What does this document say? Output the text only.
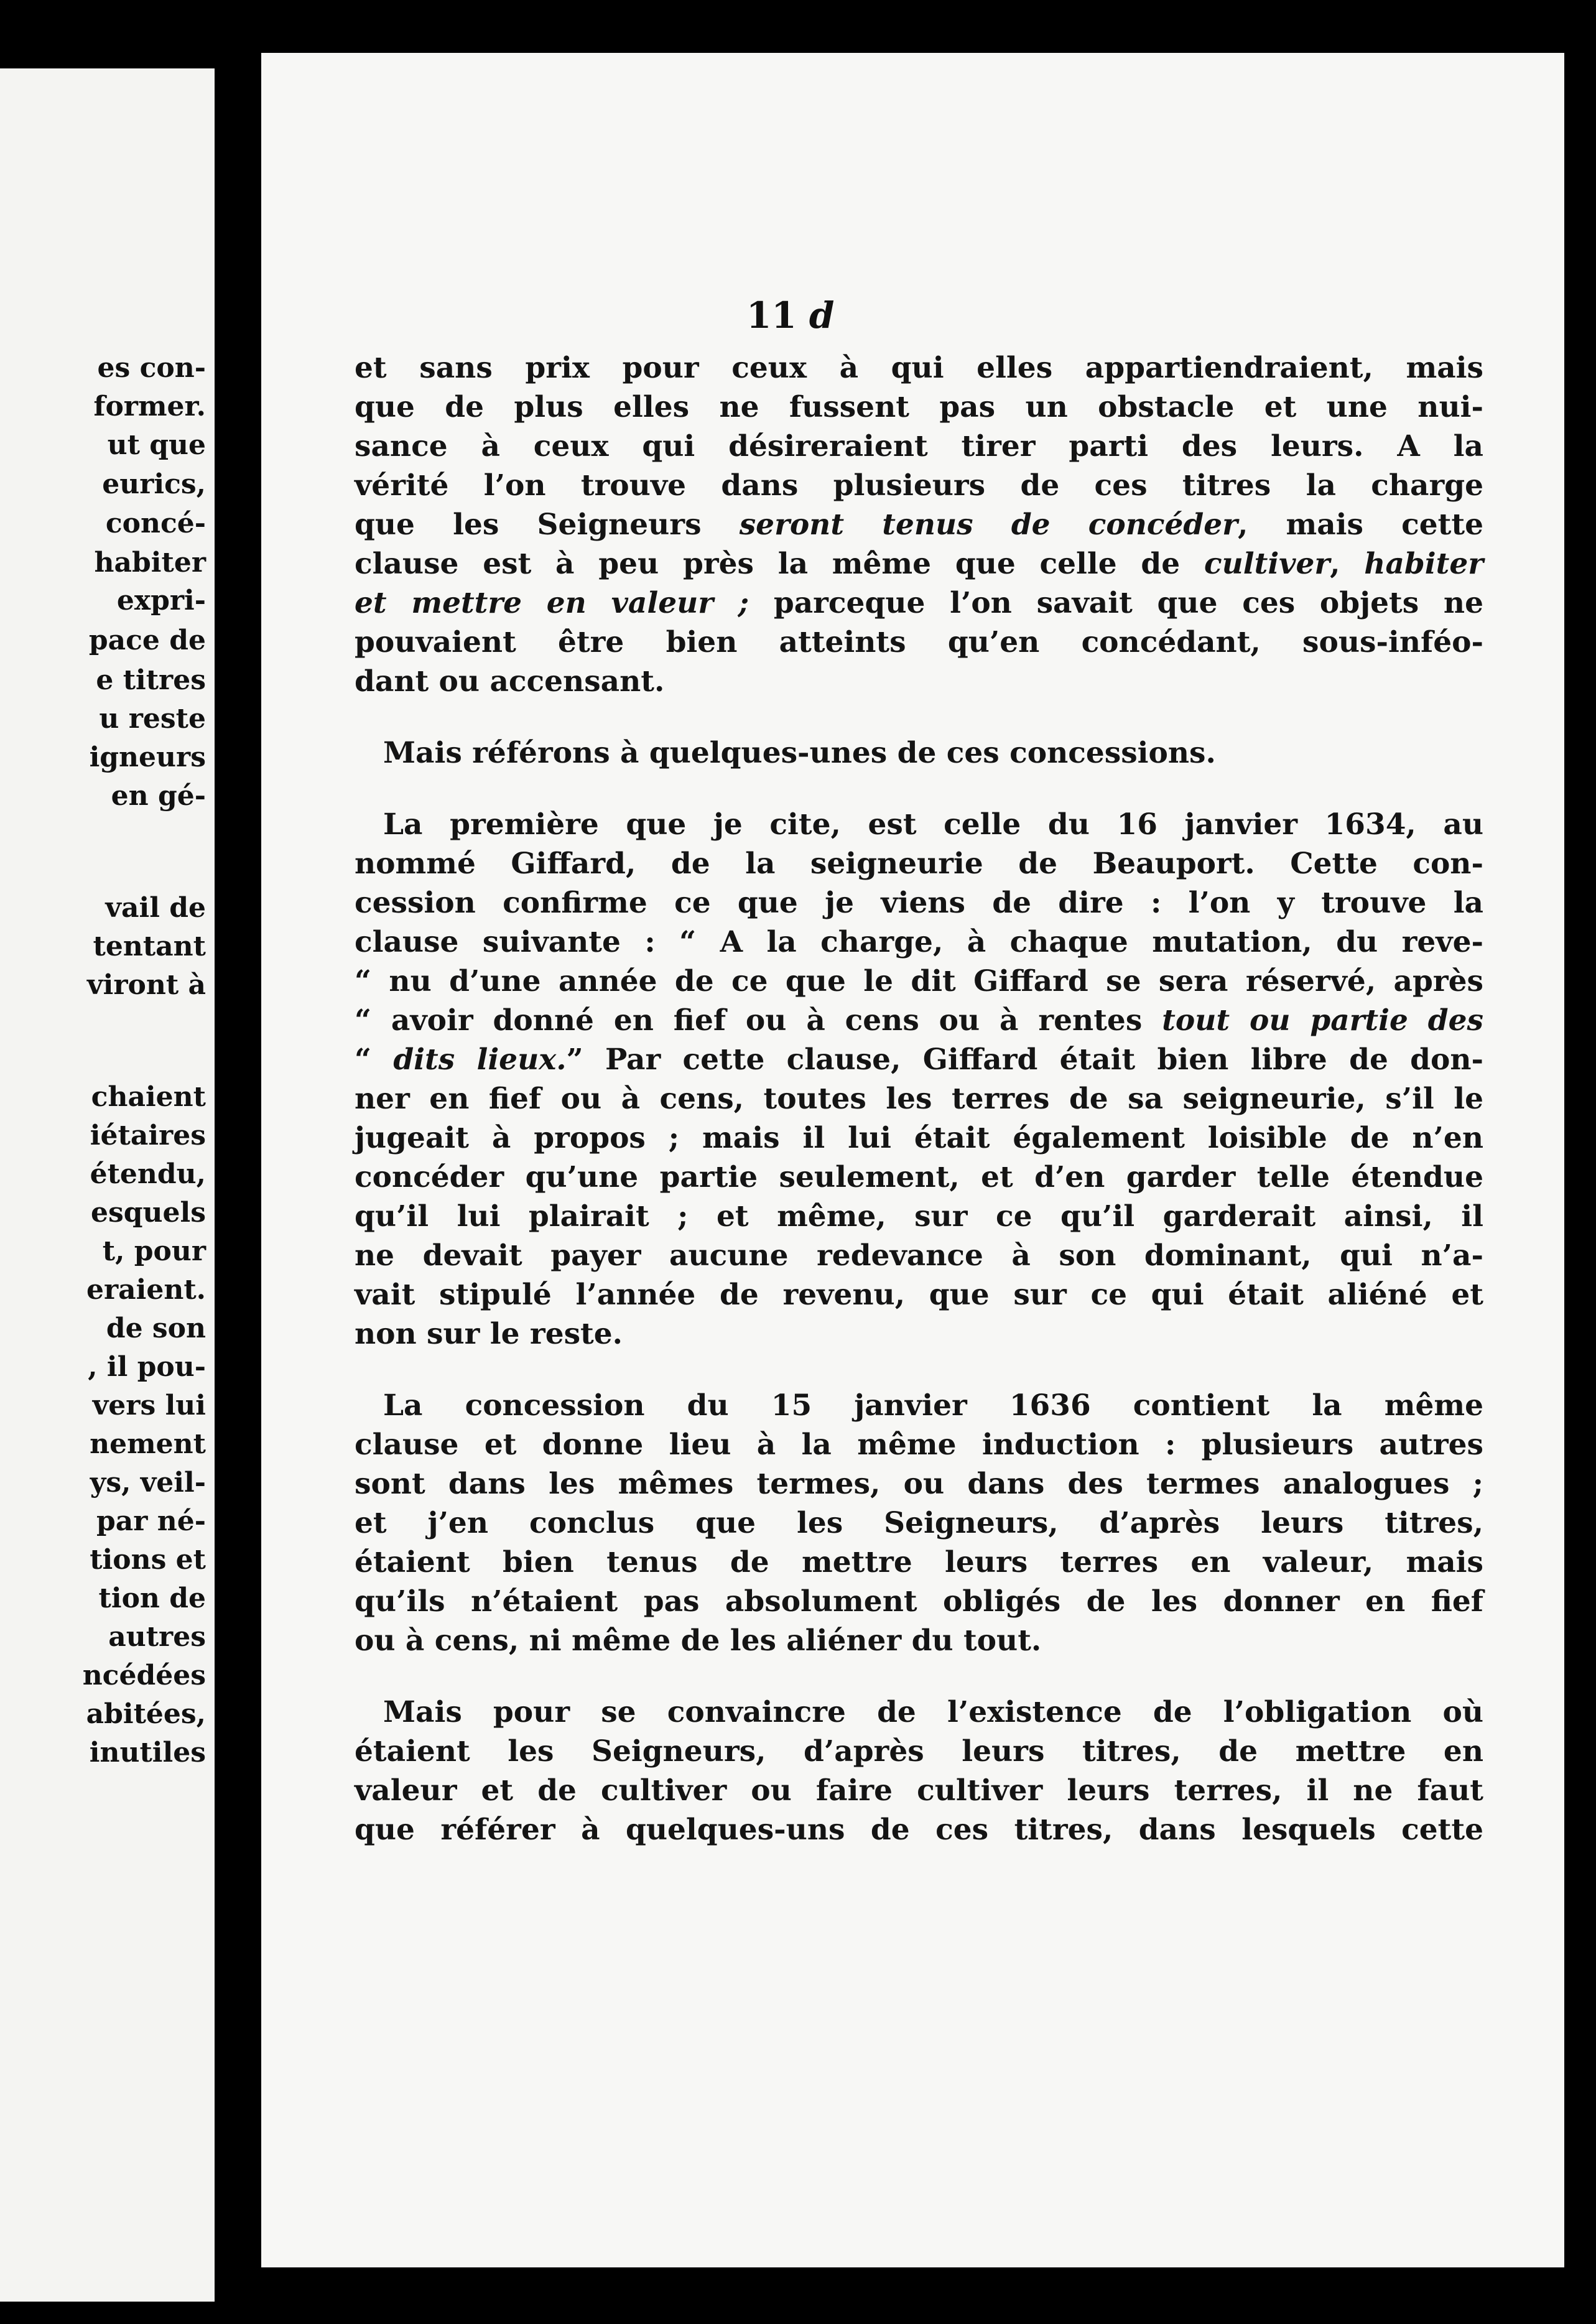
es con-
former.
ut que
eurics,
concé-
habiter
expri-
pace de
e titres
u reste
igneurs
en gé-
vail de
tentant
viront à
chaient
iétaires
étendu,
esquels
t, pour
eraient.
de son
, il pou-
vers lui
nement
ys, veil-
par né-
tions et
tion de
autres
ncédées
abitées,
inutiles
11 d
et sans prix pour ceux à qui elles appartiendraient, mais
que de plus elles ne fussent pas un obstacle et une nui-
sance à ceux qui désireraient tirer parti des leurs. A la
vérité l’on trouve dans plusieurs de ces titres la charge
que les Seigneurs seront tenus de concéder, mais cette
clause est à peu près la même que celle de cultiver, habiter
et mettre en valeur ; parceque l’on savait que ces objets ne
pouvaient être bien atteints qu’en concédant, sous-inféo-
dant ou accensant.
Mais référons à quelques-unes de ces concessions.
La première que je cite, est celle du 16 janvier 1634, au
nommé Giffard, de la seigneurie de Beauport. Cette con-
cession confirme ce que je viens de dire : l’on y trouve la
clause suivante : “ A la charge, à chaque mutation, du reve-
“ nu d’une année de ce que le dit Giffard se sera réservé, après
“ avoir donné en fief ou à cens ou à rentes tout ou partie des
“ dits lieux.” Par cette clause, Giffard était bien libre de don-
ner en fief ou à cens, toutes les terres de sa seigneurie, s’il le
jugeait à propos ; mais il lui était également loisible de n’en
concéder qu’une partie seulement, et d’en garder telle étendue
qu’il lui plairait ; et même, sur ce qu’il garderait ainsi, il
ne devait payer aucune redevance à son dominant, qui n’a-
vait stipulé l’année de revenu, que sur ce qui était aliéné et
non sur le reste.
La concession du 15 janvier 1636 contient la même
clause et donne lieu à la même induction : plusieurs autres
sont dans les mêmes termes, ou dans des termes analogues ;
et j’en conclus que les Seigneurs, d’après leurs titres,
étaient bien tenus de mettre leurs terres en valeur, mais
qu’ils n’étaient pas absolument obligés de les donner en fief
ou à cens, ni même de les aliéner du tout.
Mais pour se convaincre de l’existence de l’obligation où
étaient les Seigneurs, d’après leurs titres, de mettre en
valeur et de cultiver ou faire cultiver leurs terres, il ne faut
que référer à quelques-uns de ces titres, dans lesquels cette
